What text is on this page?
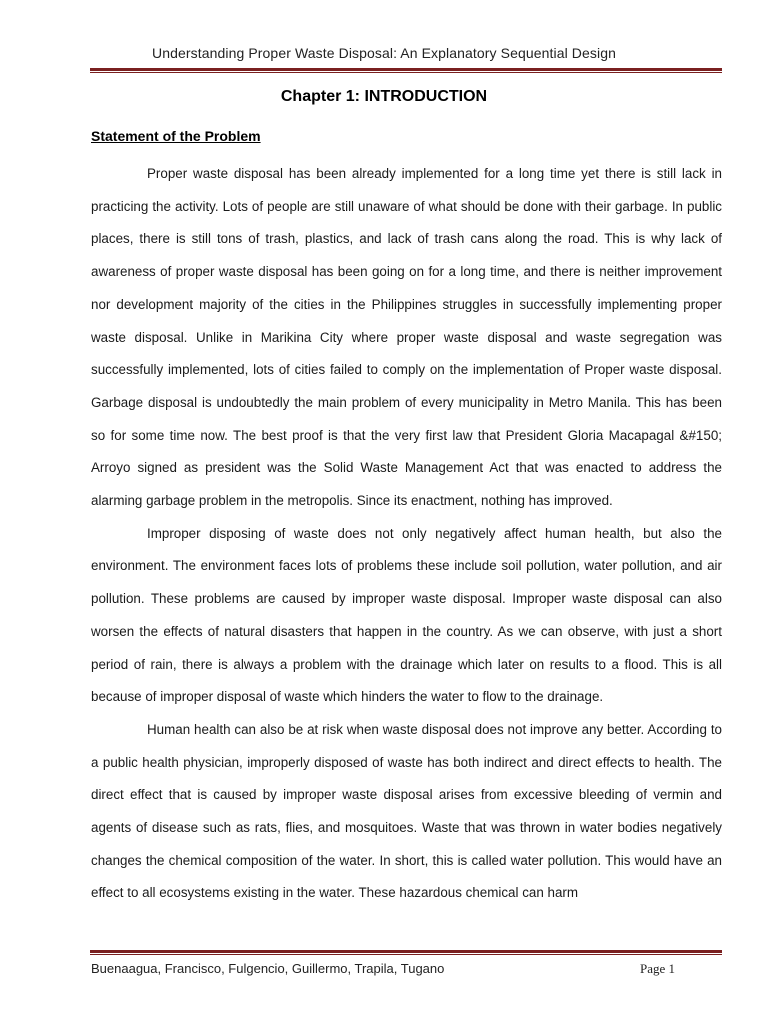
Understanding Proper Waste Disposal: An Explanatory Sequential Design
Chapter 1: INTRODUCTION
Statement of the Problem

Proper waste disposal has been already implemented for a long time yet there is still lack in practicing the activity. Lots of people are still unaware of what should be done with their garbage. In public places, there is still tons of trash, plastics, and lack of trash cans along the road. This is why lack of awareness of proper waste disposal has been going on for a long time, and there is neither improvement nor development majority of the cities in the Philippines struggles in successfully implementing proper waste disposal. Unlike in Marikina City where proper waste disposal and waste segregation was successfully implemented, lots of cities failed to comply on the implementation of Proper waste disposal. Garbage disposal is undoubtedly the main problem of every municipality in Metro Manila. This has been so for some time now. The best proof is that the very first law that President Gloria Macapagal &#150; Arroyo signed as president was the Solid Waste Management Act that was enacted to address the alarming garbage problem in the metropolis. Since its enactment, nothing has improved.

Improper disposing of waste does not only negatively affect human health, but also the environment. The environment faces lots of problems these include soil pollution, water pollution, and air pollution. These problems are caused by improper waste disposal. Improper waste disposal can also worsen the effects of natural disasters that happen in the country. As we can observe, with just a short period of rain, there is always a problem with the drainage which later on results to a flood. This is all because of improper disposal of waste which hinders the water to flow to the drainage.

Human health can also be at risk when waste disposal does not improve any better. According to a public health physician, improperly disposed of waste has both indirect and direct effects to health. The direct effect that is caused by improper waste disposal arises from excessive bleeding of vermin and agents of disease such as rats, flies, and mosquitoes. Waste that was thrown in water bodies negatively changes the chemical composition of the water. In short, this is called water pollution. This would have an effect to all ecosystems existing in the water. These hazardous chemical can harm

Buenaagua, Francisco, Fulgencio, Guillermo, Trapila, Tugano	Page 1
